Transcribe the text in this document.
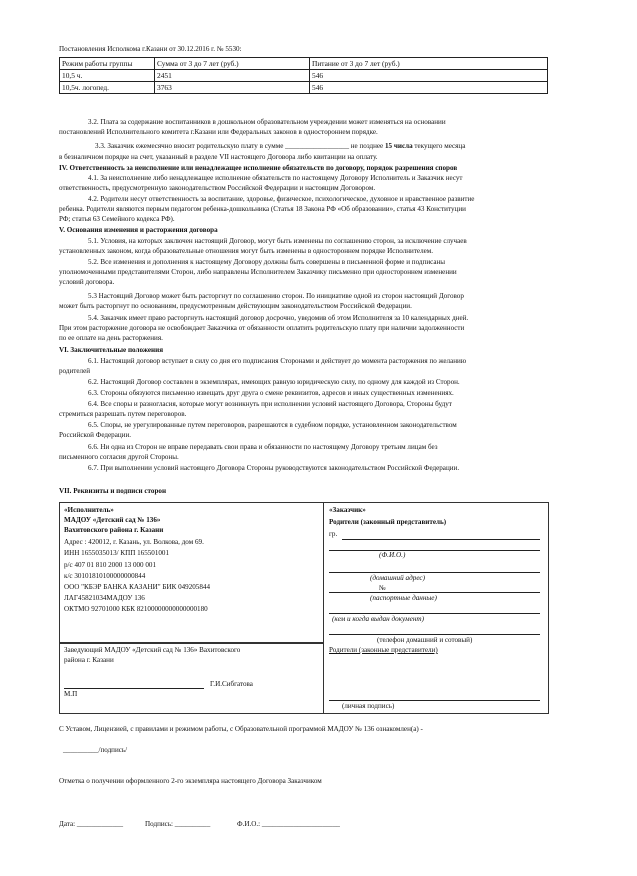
Постановления Исполкома г.Казани от 30.12.2016 г. № 5530:
Режим работы группы	Сумма от 3 до 7 лет (руб.)	Питание от 3 до 7 лет (руб.)
10,5 ч.	2451	546
10,5ч. логопед.	3763	546
3.2. Плата за содержание воспитанников в дошкольном образовательном учреждении может изменяться на основании
постановлений Исполнительного комитета г.Казани или Федеральных законов в одностороннем порядке.
3.3. Заказчик ежемесячно вносит родительскую плату в сумме __________________ не позднее 15 числа текущего месяца
в безналичном порядке на счет, указанный в разделе VII настоящего Договора либо квитанции на оплату.
IV. Ответственность за неисполнение или ненадлежащее исполнение обязательств по договору, порядок разрешения споров
4.1. За неисполнение либо ненадлежащее исполнение обязательств по настоящему Договору Исполнитель и Заказчик несут
ответственность, предусмотренную законодательством Российской Федерации и настоящим Договором.
4.2. Родители несут ответственность за воспитание, здоровье, физическое, психологическое, духовное и нравственное развитие
ребенка. Родители являются первым педагогом ребенка-дошкольника (Статья 18 Закона РФ «Об образовании», статья 43 Конституции
РФ; статья 63 Семейного кодекса РФ).
V. Основания изменения и расторжения договора
5.1. Условия, на которых заключен настоящий Договор, могут быть изменены по соглашению сторон, за исключение случаев
установленных законом, когда образовательные отношения могут быть изменены в одностороннем порядке Исполнителем.
5.2. Все изменения и дополнения к настоящему Договору должны быть совершены в письменной форме и подписаны
уполномоченными представителями Сторон, либо направлены Исполнителем Заказчику письменно при одностороннем изменении
условий договора.
5.3 Настоящий Договор может быть расторгнут по соглашению сторон. По инициативе одной из сторон настоящий Договор
может быть расторгнут по основаниям, предусмотренным действующим законодательством Российской Федерации.
5.4. Заказчик имеет право расторгнуть настоящий договор досрочно, уведомив об этом Исполнителя за 10 календарных дней.
При этом расторжение договора не освобождает Заказчика от обязанности оплатить родительскую плату при наличии задолженности
по ее оплате на день расторжения.
VI. Заключительные положения
6.1. Настоящий договор вступает в силу со дня его подписания Сторонами и действует до момента расторжения по желанию
родителей
6.2. Настоящий Договор составлен в экземплярах, имеющих равную юридическую силу, по одному для каждой из Сторон.
6.3. Стороны обязуются письменно извещать друг друга о смене реквизитов, адресов и иных существенных изменениях.
6.4. Все споры и разногласия, которые могут возникнуть при исполнении условий настоящего Договора, Стороны будут
стремиться разрешать путем переговоров.
6.5. Споры, не урегулированные путем переговоров, разрешаются в судебном порядке, установленном законодательством
Российской Федерации.
6.6. Ни одна из Сторон не вправе передавать свои права и обязанности по настоящему Договору третьим лицам без
письменного согласия другой Стороны.
6.7. При выполнении условий настоящего Договора Стороны руководствуются законодательством Российской Федерации.
VII. Реквизиты и подписи сторон
«Исполнитель»
МАДОУ «Детский сад № 136»
Вахитовского района г. Казани
Адрес : 420012, г. Казань, ул. Волкова, дом 69.
ИНН 1655035013/ КПП 165501001
р/с 407 01 810 2000 13 000 001
к/с 30101810100000000844
ООО "КБЭР БАНКА КАЗАНИ" БИК 049205844
ЛАГ45821034МАДОУ 136
ОКТМО 92701000 КБК 82100000000000000180
«Заказчик»
Родители (законный представитель)
гр.
(Ф.И.О.)
(домашний адрес)
№
(паспортные данные)
(кем и когда выдан документ)
(телефон домашний и сотовый)
Заведующий МАДОУ «Детский сад № 136» Вахитовского
района г. Казани
Г.И.Сибгатова
М.П
Родители (законные представители)
(личная подпись)
С Уставом, Лицензией, с правилами и режимом работы, с Образовательной программой МАДОУ № 136 ознакомлен(а) -
__________/подпись/
Отметка о получении оформленного 2-го экземпляра настоящего Договора Заказчиком
Дата: _____________	Подпись: __________	Ф.И.О.: ______________________
